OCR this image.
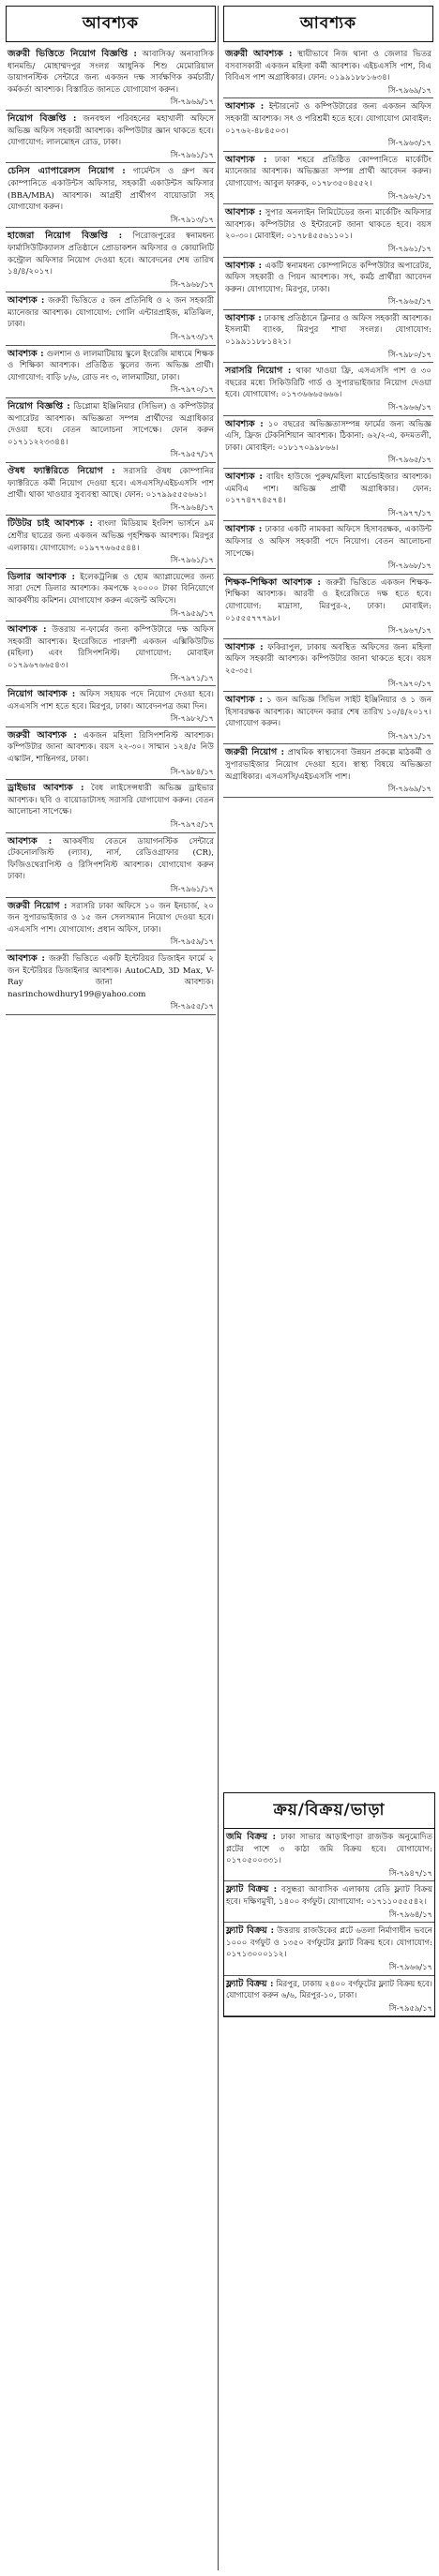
আবশ্যক
জরুরী ভিত্তিতে নিয়োগ বিজ্ঞপ্তি : আবাসিক/ অনাবাসিক ধানমন্ডি/ মোহাম্মদপুর সংলগ্ন আধুনিক শিশু মেমোরিয়াল ডায়াগনস্টিক সেন্টারে জন্য একজন দক্ষ সার্বক্ষণিক কর্মচারী/ কর্মকর্তা আবশ্যক। বিস্তারিত জানতে যোগাযোগ করুন।
সি-৭৯৬৯/১৭
নিয়োগ বিজ্ঞপ্তি : জনবহুল পরিবহনের মহাখালী অফিসে অভিজ্ঞ অফিস সহকারী আবশ্যক। কম্পিউটার জ্ঞান থাকতে হবে। যোগাযোগ: লালমোহন রোড, ঢাকা।
সি-৭৯৬১/১৭
চেনিস এ্যাপারেলস নিয়োগ : গার্মেন্টস ও গ্রুপ অব কোম্পানিতে একাউন্টস অফিসার, সহকারী একাউন্টস অফিসার (BBA/MBA) আবশ্যক। আগ্রহী প্রার্থীগণ বায়োডাটা সহ যোগাযোগ করুন।
সি-৭৯১৩/১৭
হাজেরা নিয়োগ বিজ্ঞপ্তি : পিরোজপুরের স্বনামধন্য ফার্মাসিউটিক্যালস প্রতিষ্ঠানে প্রোডাকশন অফিসার ও কোয়ালিটি কন্ট্রোল অফিসার নিয়োগ দেওয়া হবে। আবেদনের শেষ তারিখ ১৪/৪/২০১৭।
সি-৭৯৬৮/১৭
আবশ্যক : জরুরী ভিত্তিতে ৫ জন প্রতিনিধি ও ২ জন সহকারী ম্যানেজার আবশ্যক। যোগাযোগ: গোলি এন্টারপ্রাইজ, মতিঝিল, ঢাকা।
সি-৭৯৭৩/১৭
আবশ্যক : গুলশান ও লালমাটিয়ায় স্কুলে ইংরেজি মাধ্যমে শিক্ষক ও শিক্ষিকা আবশ্যক। প্রতিষ্ঠিত স্কুলের জন্য অভিজ্ঞ প্রার্থী। যোগাযোগ: বাড়ি ৮/৬, রোড নং ৩, লালমাটিয়া, ঢাকা।
সি-৭৯৭০/১৭
নিয়োগ বিজ্ঞপ্তি : ডিপ্লোমা ইঞ্জিনিয়ার (সিভিল) ও কম্পিউটার অপারেটর আবশ্যক। অভিজ্ঞতা সম্পন্ন প্রার্থীদের অগ্রাধিকার দেওয়া হবে। বেতন আলোচনা সাপেক্ষে। ফোন করুন ০১৭১১২২৩৩৪৪।
সি-৭৯৫৭/১৭
ঔষধ ফ্যাক্টরিতে নিয়োগ : সরাসরি ঔষধ কোম্পানির ফ্যাক্টরিতে কর্মী নিয়োগ দেওয়া হবে। এসএসসি/এইচএসসি পাশ প্রার্থী। থাকা খাওয়ার সুব্যবস্থা আছে। ফোন: ০১৭৯৯৫৫৫৬৬১।
সি-৭৯৬৪/১৭
টিউটর চাই আবশ্যক : বাংলা মিডিয়াম ইংলিশ ভার্সনে ৯ম শ্রেণীর ছাত্রের জন্য একজন অভিজ্ঞ গৃহশিক্ষক আবশ্যক। মিরপুর এলাকায়। যোগাযোগ: ০১৯৭৭৬৬৫৫৪৪।
সি-৭৯৬১/১৭
ডিলার আবশ্যক : ইলেকট্রনিক্স ও হোম অ্যাপ্লায়েন্সের জন্য সারা দেশে ডিলার আবশ্যক। কমপক্ষে ২০০০০ টাকা বিনিয়োগে আকর্ষণীয় কমিশন। যোগাযোগ করুন এজেন্ট অফিসে।
সি-৭৯৫৯/১৭
আবশ্যক : উত্তরায় ন-ফার্মের জন্য কম্পিউটারে দক্ষ অফিস সহকারী আবশ্যক। ইংরেজিতে পারদর্শী একজন এক্সিকিউটিভ (মহিলা) এবং রিসিপশনিস্ট। যোগাযোগ: মোবাইল ০১৭৯৬৭৬৬৫৪৩।
সি-৭৯৭১/১৭
নিয়োগ আবশ্যক : অফিস সহায়ক পদে নিয়োগ দেওয়া হবে। এসএসসি পাশ হতে হবে। মিরপুর, ঢাকা। আবেদনপত্র জমা দিন।
সি-৭৯৮২/১৭
জরুরী আবশ্যক : একজন মহিলা রিসিপশনিস্ট আবশ্যক। কম্পিউটার জানা আবশ্যক। বয়স ২২-৩০। সান্মান ১২৪/৫ নিউ এস্কাটন, শান্তিনগর, ঢাকা।
সি-৭৯৮৪/১৭
ড্রাইভার আবশ্যক : বৈধ লাইসেন্সধারী অভিজ্ঞ ড্রাইভার আবশ্যক। ছবি ও বায়োডাটাসহ সরাসরি যোগাযোগ করুন। বেতন আলোচনা সাপেক্ষে।
সি-৭৯৭৫/১৭
আবশ্যক : আকর্ষণীয় বেতনে ডায়াগনস্টিক সেন্টারে টেকনোলজিস্ট (ল্যাব), নার্স, রেডিওগ্রাফার (CR), ফিজিওথেরাপিস্ট ও রিসিপশনিস্ট আবশ্যক। যোগাযোগ করুন ঢাকা।
সি-৭৯৬১/১৭
জরুরী নিয়োগ : সরাসরি ঢাকা অফিসে ১০ জন ইনচার্জ, ২০ জন সুপারভাইজার ও ১৫ জন সেলসম্যান নিয়োগ দেওয়া হবে। এসএসসি পাশ। যোগাযোগ: প্রধান অফিস, ঢাকা।
সি-৭৯৫৯/১৭
আবশ্যক : জরুরী ভিত্তিতে একটি ইন্টেরিয়র ডিজাইন ফার্মে ২ জন ইন্টেরিয়র ডিজাইনার আবশ্যক। AutoCAD, 3D Max, V-Ray জানা আবশ্যক। nasrinchowdhury199@yahoo.com
সি-৭৯৫৫/১৭
আবশ্যক
জরুরী আবশ্যক : স্থায়ীভাবে নিজ থানা ও জেলার ভিতর বসবাসকারী একজন মহিলা কর্মী আবশ্যক। এইচএসসি পাশ, বিএ বিবিএস পাশ অগ্রাধিকার। ফোন: ০১৯৯১৮৮১৬৩৪।
সি-৭৯৬৯/১৭
আবশ্যক : ইন্টারনেট ও কম্পিউটারের জন্য একজন অফিস সহকারী আবশ্যক। সৎ ও পরিশ্রমী হতে হবে। যোগাযোগ মোবাইল: ০১৭৬২-৪৮৪৫০৩।
সি-৭৯৬৩/১৭
আবশ্যক : ঢাকা শহরে প্রতিষ্ঠিত কোম্পানিতে মার্কেটিং ম্যানেজার আবশ্যক। অভিজ্ঞতা সম্পন্ন প্রার্থী আবেদন করুন। যোগাযোগ: আবুল ফারুক, ০১৭৮৩৫০৪৫৫২।
সি-৭৯৬২/১৭
আবশ্যক : সুপার অনলাইন লিমিটেডের জন্য মার্কেটিং অফিসার আবশ্যক। কম্পিউটার ও ইন্টারনেট জানা থাকতে হবে। বয়স ২০-৩০। মোবাইল: ০১৭৮৪৫৫৬১১০১।
সি-৭৯৬১/১৭
আবশ্যক : একটি স্বনামধন্য কোম্পানিতে কম্পিউটার অপারেটর, অফিস সহকারী ও পিয়ন আবশ্যক। সৎ, কর্মঠ প্রার্থীরা আবেদন করুন। যোগাযোগ: মিরপুর, ঢাকা।
সি-৭৯৬৫/১৭
আবশ্যক : ঢাকাস্থ প্রতিষ্ঠানে ক্লিনার ও অফিস সহকারী আবশ্যক। ইসলামী ব্যাংক, মিরপুর শাখা সংলগ্ন। যোগাযোগ: ০১৯৯১১৮৮১৪২১।
সি-৭৯৮০/১৭
সরাসরি নিয়োগ : থাকা খাওয়া ফ্রি, এসএসসি পাশ ও ৩০ বছরের মধ্যে সিকিউরিটি গার্ড ও সুপারভাইজার নিয়োগ দেওয়া হবে। যোগাযোগ: ০১৭৩৬৬৬৫৬৬৬।
সি-৭৯৬৬/১৭
আবশ্যক : ১০ বছরের অভিজ্ঞতাসম্পন্ন ফার্মের জন্য অভিজ্ঞ এসি, ফ্রিজ টেকনিশিয়ান আবশ্যক। ঠিকানা: ৬২/২-এ, কদমতলী, ঢাকা। মোবাইল: ০১৮১৭০৯৯৮৬৬।
সি-৭৯৬৫/১৭
আবশ্যক : বায়িং হাউজে পুরুষ/মহিলা মার্চেন্ডাইজার আবশ্যক। এমবিএ পাশ। অভিজ্ঞ প্রার্থী অগ্রাধিকার। ফোন: ০১৭৭৪৭৭৪৫৭৪।
সি-৭৯৭৭/১৭
আবশ্যক : ঢাকার একটি নামকরা অফিসে হিসাবরক্ষক, একাউন্ট অফিসার ও অফিস সহকারী পদে নিয়োগ। বেতন আলোচনা সাপেক্ষে।
সি-৭৯৬৮/১৭
শিক্ষক-শিক্ষিকা আবশ্যক : জরুরী ভিত্তিতে একজন শিক্ষক-শিক্ষিকা আবশ্যক। আরবী ও ইংরেজিতে দক্ষ হতে হবে। যোগাযোগ: মাদ্রাসা, মিরপুর-২, ঢাকা। মোবাইল: ০১৫৫৫৭৭৭৯৮।
সি-৭৯৬৭/১৭
আবশ্যক : ফকিরাপুল, ঢাকায় অবস্থিত অফিসের জন্য মহিলা অফিস সহকারী আবশ্যক। কম্পিউটার জানা থাকতে হবে। বয়স ২৫-৩৫।
সি-৭৯৭০/১৭
আবশ্যক : ১ জন অভিজ্ঞ সিভিল সাইট ইঞ্জিনিয়ার ও ১ জন হিসাবরক্ষক আবশ্যক। আবেদন করার শেষ তারিখ ১০/৪/২০১৭। যোগাযোগ করুন।
সি-৭৯৭১/১৭
জরুরী নিয়োগ : প্রাথমিক স্বাস্থ্যসেবা উন্নয়ন প্রকল্পে মাঠকর্মী ও সুপারভাইজার নিয়োগ দেওয়া হবে। স্বাস্থ্য বিষয়ে অভিজ্ঞতা অগ্রাধিকার। এসএসসি/এইচএসসি পাশ।
সি-৭৯৬৯/১৭
ক্রয়/বিক্রয়/ভাড়া
জমি বিক্রয় : ঢাকা সাভার আড়াইপাড়া রাজউক অনুমোদিত প্লটের পাশে ৩ কাঠা জমি বিক্রয় হবে। যোগাযোগ: ০১৭০৫০০৩৩১।
সি-৭৯৪৭/১৭
ফ্ল্যাট বিক্রয় : বসুন্ধরা আবাসিক এলাকায় রেডি ফ্ল্যাট বিক্রয় হবে। দক্ষিণমুখী, ১৪০০ বর্গফুট। যোগাযোগ: ০১৭১১০৫৫৫৪২।
সি-৭৯৬৪/১৭
ফ্ল্যাট বিক্রয় : উত্তরায় রাজউকের প্লটে ৬তলা নির্মাণাধীন ভবনে ১০০০ বর্গফুট ও ১৩৫০ বর্গফুটের ফ্ল্যাট বিক্রয় হবে। যোগাযোগ: ০১৭১৩০০০১১২।
সি-৭৯৬৬/১৭
ফ্ল্যাট বিক্রয় : মিরপুর, ঢাকায় ২৪০০ বর্গফুটের ফ্ল্যাট বিক্রয় হবে। যোগাযোগ করুন ৬/৬, মিরপুর-১০, ঢাকা।
সি-৭৯৫৯/১৭
